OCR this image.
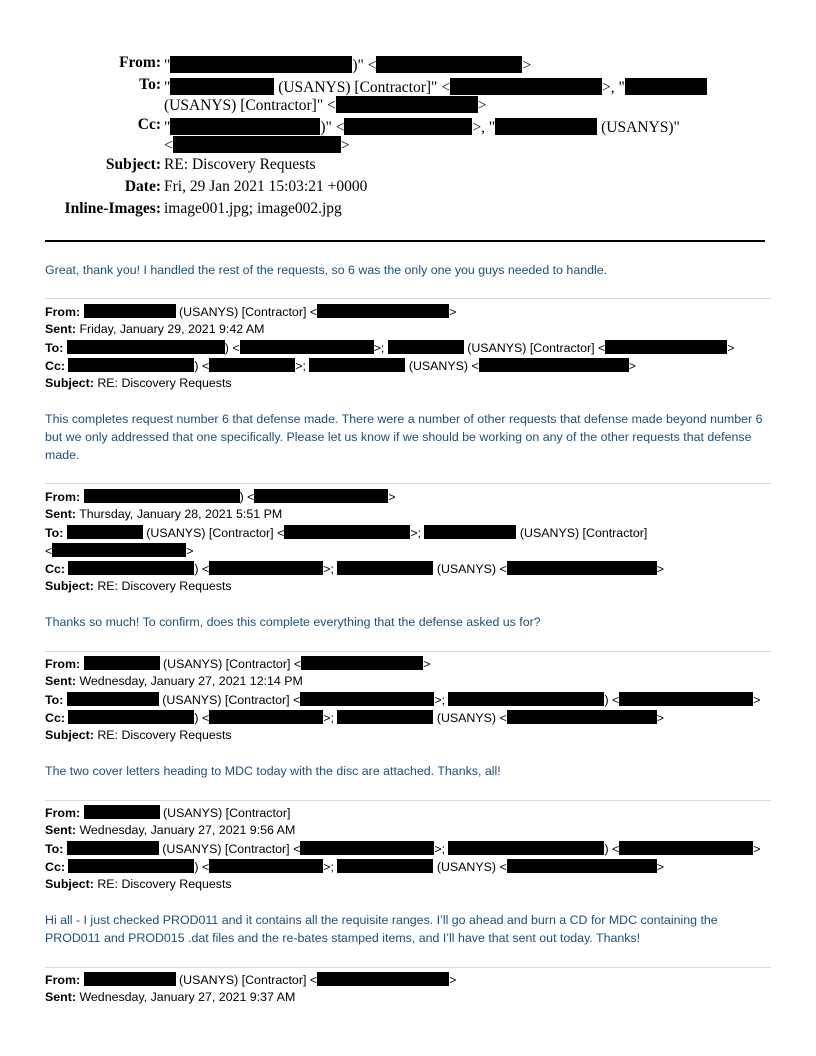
From: "	)" <	>
To: "	(USANYS) [Contractor]" <	>, "
(USANYS) [Contractor]" <	>
Cc: "	)" <	>, "	(USANYS)"
<	>
Subject: RE: Discovery Requests
Date: Fri, 29 Jan 2021 15:03:21 +0000
Inline-Images: image001.jpg; image002.jpg
Great, thank you! I handled the rest of the requests, so 6 was the only one you guys needed to handle.
From:	(USANYS) [Contractor] <	>
Sent: Friday, January 29, 2021 9:42 AM
To:	) <	>;	(USANYS) [Contractor] <	>
Cc:	) <	>;	(USANYS) <	>
Subject: RE: Discovery Requests
This completes request number 6 that defense made. There were a number of other requests that defense made beyond number 6 but we only addressed that one specifically. Please let us know if we should be working on any of the other requests that defense made.
From:	) <	>
Sent: Thursday, January 28, 2021 5:51 PM
To:	(USANYS) [Contractor] <	>;	(USANYS) [Contractor]
<	>
Cc:	) <	>;	(USANYS) <	>
Subject: RE: Discovery Requests
Thanks so much! To confirm, does this complete everything that the defense asked us for?
From:	(USANYS) [Contractor] <	>
Sent: Wednesday, January 27, 2021 12:14 PM
To:	(USANYS) [Contractor] <	>;	) <	>
Cc:	) <	>;	(USANYS) <	>
Subject: RE: Discovery Requests
The two cover letters heading to MDC today with the disc are attached. Thanks, all!
From:	(USANYS) [Contractor]
Sent: Wednesday, January 27, 2021 9:56 AM
To:	(USANYS) [Contractor] <	>;	) <	>
Cc:	) <	>;	(USANYS) <	>
Subject: RE: Discovery Requests
Hi all - I just checked PROD011 and it contains all the requisite ranges. I’ll go ahead and burn a CD for MDC containing the PROD011 and PROD015 .dat files and the re-bates stamped items, and I’ll have that sent out today. Thanks!
From:	(USANYS) [Contractor] <	>
Sent: Wednesday, January 27, 2021 9:37 AM
